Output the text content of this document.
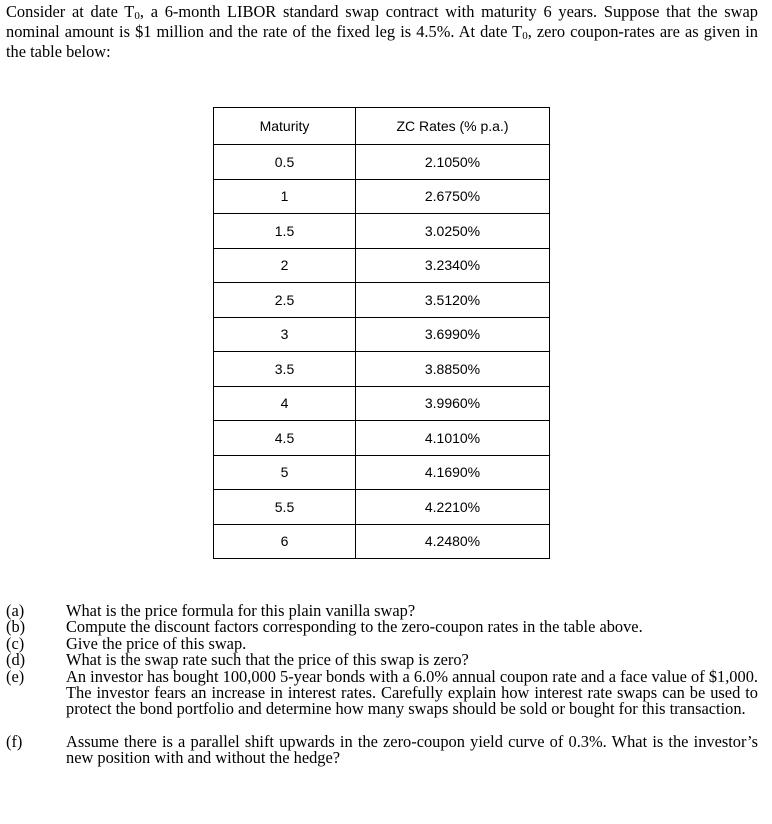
Consider at date T0, a 6-month LIBOR standard swap contract with maturity 6 years. Suppose that the swap nominal amount is $1 million and the rate of the fixed leg is 4.5%. At date T0, zero coupon-rates are as given in the table below:

Maturity	ZC Rates (% p.a.)
0.5	2.1050%
1	2.6750%
1.5	3.0250%
2	3.2340%
2.5	3.5120%
3	3.6990%
3.5	3.8850%
4	3.9960%
4.5	4.1010%
5	4.1690%
5.5	4.2210%
6	4.2480%
(a)	What is the price formula for this plain vanilla swap?
(b) Compute the discount factors corresponding to the zero-coupon rates in the table above.
(c)	Give the price of this swap.
(d) What is the swap rate such that the price of this swap is zero?
(e)	An investor has bought 100,000 5-year bonds with a 6.0% annual coupon rate and a face value of $1,000. The investor fears an increase in interest rates. Carefully explain how interest rate swaps can be used to protect the bond portfolio and determine how many swaps should be sold or bought for this transaction.
(f)	Assume there is a parallel shift upwards in the zero-coupon yield curve of 0.3%. What is the investor’s new position with and without the hedge?
